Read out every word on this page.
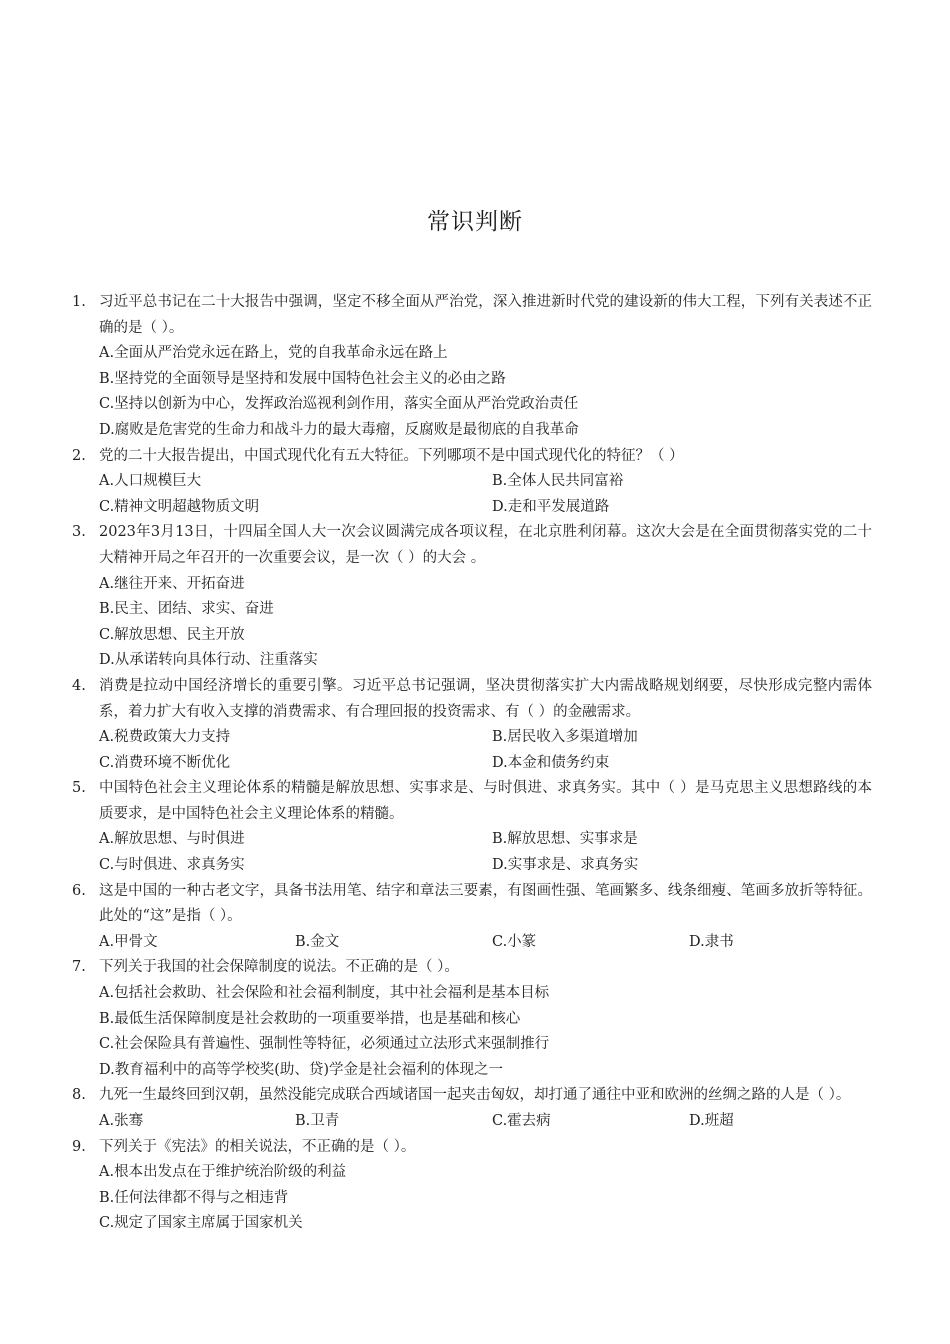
常识判断
1. 习近平总书记在二十大报告中强调，坚定不移全面从严治党，深入推进新时代党的建设新的伟大工程，下列有关表述不正确的是（ ）。
A.全面从严治党永远在路上，党的自我革命永远在路上
B.坚持党的全面领导是坚持和发展中国特色社会主义的必由之路
C.坚持以创新为中心，发挥政治巡视利剑作用，落实全面从严治党政治责任
D.腐败是危害党的生命力和战斗力的最大毒瘤，反腐败是最彻底的自我革命
2. 党的二十大报告提出，中国式现代化有五大特征。下列哪项不是中国式现代化的特征？（ ）
A.人口规模巨大	B.全体人民共同富裕
C.精神文明超越物质文明	D.走和平发展道路
3. 2023年3月13日，十四届全国人大一次会议圆满完成各项议程，在北京胜利闭幕。这次大会是在全面贯彻落实党的二十大精神开局之年召开的一次重要会议，是一次（ ）的大会 。
A.继往开来、开拓奋进
B.民主、团结、求实、奋进
C.解放思想、民主开放
D.从承诺转向具体行动、注重落实
4. 消费是拉动中国经济增长的重要引擎。习近平总书记强调，坚决贯彻落实扩大内需战略规划纲要，尽快形成完整内需体系，着力扩大有收入支撑的消费需求、有合理回报的投资需求、有（ ）的金融需求。
A.税费政策大力支持	B.居民收入多渠道增加
C.消费环境不断优化	D.本金和债务约束
5. 中国特色社会主义理论体系的精髓是解放思想、实事求是、与时俱进、求真务实。其中（ ）是马克思主义思想路线的本质要求，是中国特色社会主义理论体系的精髓。
A.解放思想、与时俱进	B.解放思想、实事求是
C.与时俱进、求真务实	D.实事求是、求真务实
6. 这是中国的一种古老文字，具备书法用笔、结字和章法三要素，有图画性强、笔画繁多、线条细瘦、笔画多放折等特征。此处的“这”是指（ ）。
A.甲骨文	B.金文	C.小篆	D.隶书
7. 下列关于我国的社会保障制度的说法。不正确的是（ ）。
A.包括社会救助、社会保险和社会福利制度，其中社会福利是基本目标
B.最低生活保障制度是社会救助的一项重要举措，也是基础和核心
C.社会保险具有普遍性、强制性等特征，必须通过立法形式来强制推行
D.教育福利中的高等学校奖(助、贷)学金是社会福利的体现之一
8. 九死一生最终回到汉朝，虽然没能完成联合西域诸国一起夹击匈奴，却打通了通往中亚和欧洲的丝绸之路的人是（ ）。
A.张骞	B.卫青	C.霍去病	D.班超
9. 下列关于《宪法》的相关说法，不正确的是（ ）。
A.根本出发点在于维护统治阶级的利益
B.任何法律都不得与之相违背
C.规定了国家主席属于国家机关
